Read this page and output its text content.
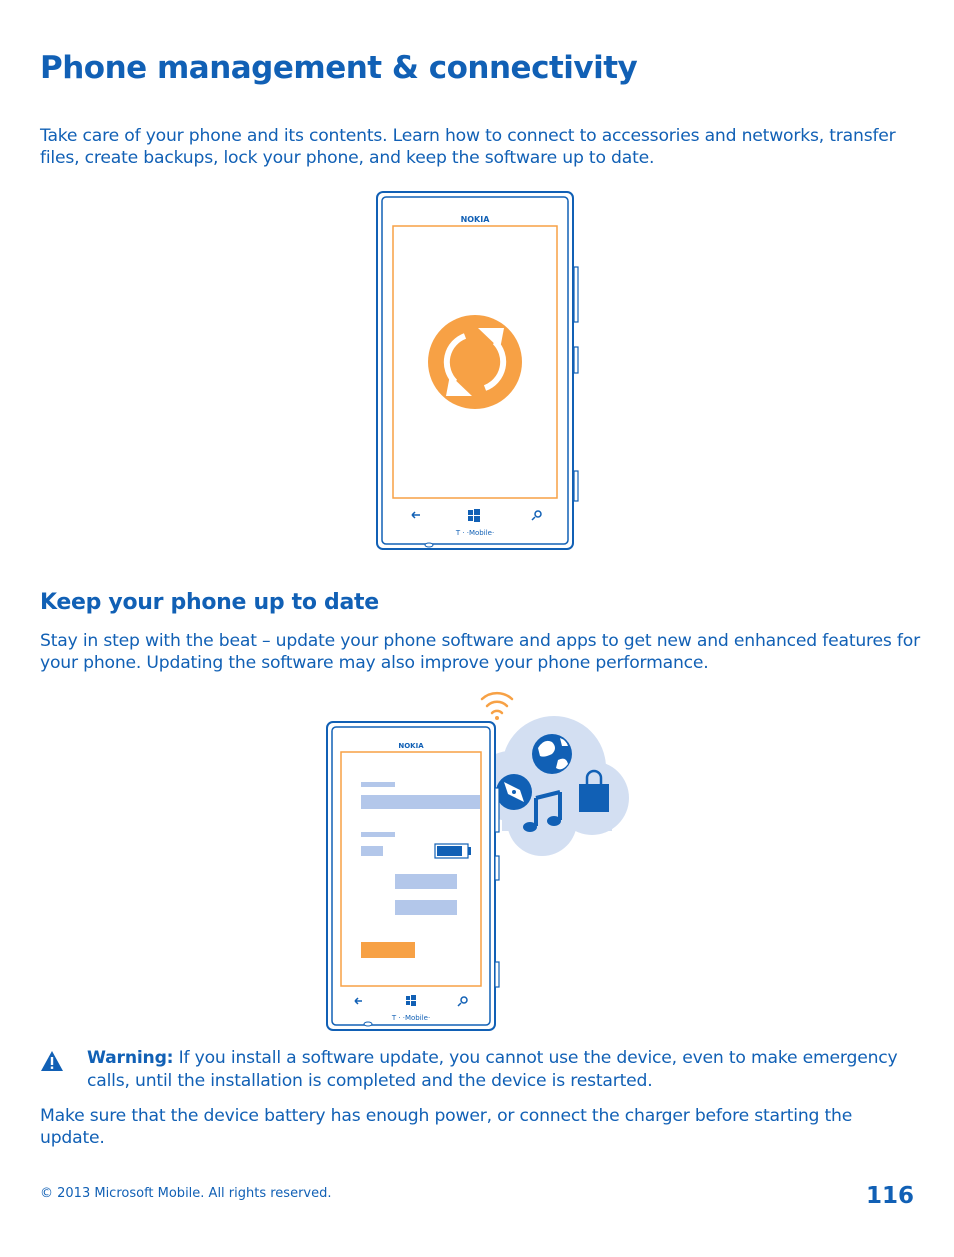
Phone management & connectivity

Take care of your phone and its contents. Learn how to connect to accessories and networks, transfer files, create backups, lock your phone, and keep the software up to date.

NOKIA
T · ·Mobile·
Keep your phone up to date

Stay in step with the beat – update your phone software and apps to get new and enhanced features for your phone. Updating the software may also improve your phone performance.

NOKIA
T · ·Mobile·

Warning: If you install a software update, you cannot use the device, even to make emergency calls, until the installation is completed and the device is restarted.

Make sure that the device battery has enough power, or connect the charger before starting the update.

© 2013 Microsoft Mobile. All rights reserved.	116
